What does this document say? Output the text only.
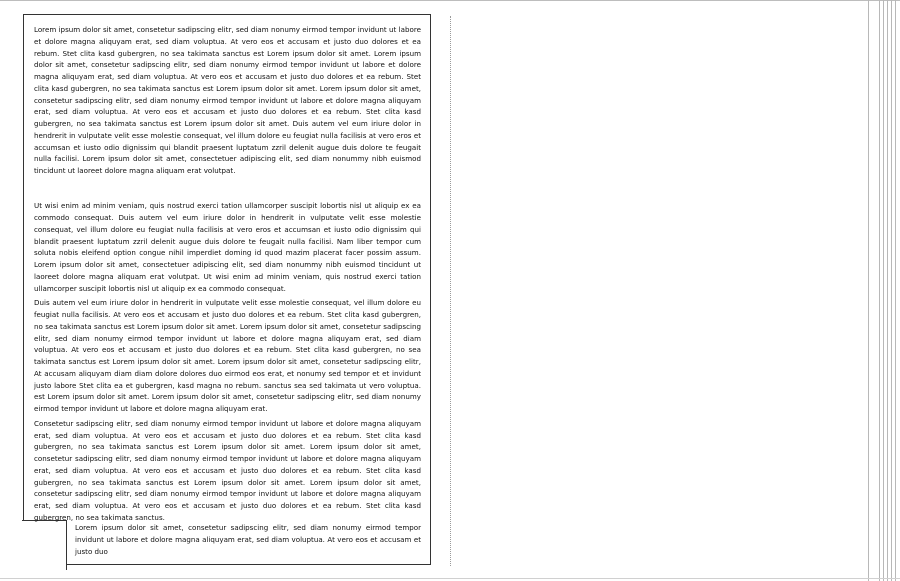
Lorem ipsum dolor sit amet, consetetur sadipscing elitr, sed diam nonumy eirmod tempor invidunt ut labore et dolore magna aliquyam erat, sed diam voluptua. At vero eos et accusam et justo duo dolores et ea rebum. Stet clita kasd gubergren, no sea takimata sanctus est Lorem ipsum dolor sit amet. Lorem ipsum dolor sit amet, consetetur sadipscing elitr, sed diam nonumy eirmod tempor invidunt ut labore et dolore magna aliquyam erat, sed diam voluptua. At vero eos et accusam et justo duo dolores et ea rebum. Stet clita kasd gubergren, no sea takimata sanctus est Lorem ipsum dolor sit amet. Lorem ipsum dolor sit amet, consetetur sadipscing elitr, sed diam nonumy eirmod tempor invidunt ut labore et dolore magna aliquyam erat, sed diam voluptua. At vero eos et accusam et justo duo dolores et ea rebum. Stet clita kasd gubergren, no sea takimata sanctus est Lorem ipsum dolor sit amet. Duis autem vel eum iriure dolor in hendrerit in vulputate velit esse molestie consequat, vel illum dolore eu feugiat nulla facilisis at vero eros et accumsan et iusto odio dignissim qui blandit praesent luptatum zzril delenit augue duis dolore te feugait nulla facilisi. Lorem ipsum dolor sit amet, consectetuer adipiscing elit, sed diam nonummy nibh euismod tincidunt ut laoreet dolore magna aliquam erat volutpat.

Ut wisi enim ad minim veniam, quis nostrud exerci tation ullamcorper suscipit lobortis nisl ut aliquip ex ea commodo consequat. Duis autem vel eum iriure dolor in hendrerit in vulputate velit esse molestie consequat, vel illum dolore eu feugiat nulla facilisis at vero eros et accumsan et iusto odio dignissim qui blandit praesent luptatum zzril delenit augue duis dolore te feugait nulla facilisi. Nam liber tempor cum soluta nobis eleifend option congue nihil imperdiet doming id quod mazim placerat facer possim assum. Lorem ipsum dolor sit amet, consectetuer adipiscing elit, sed diam nonummy nibh euismod tincidunt ut laoreet dolore magna aliquam erat volutpat. Ut wisi enim ad minim veniam, quis nostrud exerci tation ullamcorper suscipit lobortis nisl ut aliquip ex ea commodo consequat.

Duis autem vel eum iriure dolor in hendrerit in vulputate velit esse molestie consequat, vel illum dolore eu feugiat nulla facilisis. At vero eos et accusam et justo duo dolores et ea rebum. Stet clita kasd gubergren, no sea takimata sanctus est Lorem ipsum dolor sit amet. Lorem ipsum dolor sit amet, consetetur sadipscing elitr, sed diam nonumy eirmod tempor invidunt ut labore et dolore magna aliquyam erat, sed diam voluptua. At vero eos et accusam et justo duo dolores et ea rebum. Stet clita kasd gubergren, no sea takimata sanctus est Lorem ipsum dolor sit amet. Lorem ipsum dolor sit amet, consetetur sadipscing elitr, At accusam aliquyam diam diam dolore dolores duo eirmod eos erat, et nonumy sed tempor et et invidunt justo labore Stet clita ea et gubergren, kasd magna no rebum. sanctus sea sed takimata ut vero voluptua. est Lorem ipsum dolor sit amet. Lorem ipsum dolor sit amet, consetetur sadipscing elitr, sed diam nonumy eirmod tempor invidunt ut labore et dolore magna aliquyam erat.

Consetetur sadipscing elitr, sed diam nonumy eirmod tempor invidunt ut labore et dolore magna aliquyam erat, sed diam voluptua. At vero eos et accusam et justo duo dolores et ea rebum. Stet clita kasd gubergren, no sea takimata sanctus est Lorem ipsum dolor sit amet. Lorem ipsum dolor sit amet, consetetur sadipscing elitr, sed diam nonumy eirmod tempor invidunt ut labore et dolore magna aliquyam erat, sed diam voluptua. At vero eos et accusam et justo duo dolores et ea rebum. Stet clita kasd gubergren, no sea takimata sanctus est Lorem ipsum dolor sit amet. Lorem ipsum dolor sit amet, consetetur sadipscing elitr, sed diam nonumy eirmod tempor invidunt ut labore et dolore magna aliquyam erat, sed diam voluptua. At vero eos et accusam et justo duo dolores et ea rebum. Stet clita kasd gubergren, no sea takimata sanctus.

Lorem ipsum dolor sit amet, consetetur sadipscing elitr, sed diam nonumy eirmod tempor invidunt ut labore et dolore magna aliquyam erat, sed diam voluptua. At vero eos et accusam et justo duo
